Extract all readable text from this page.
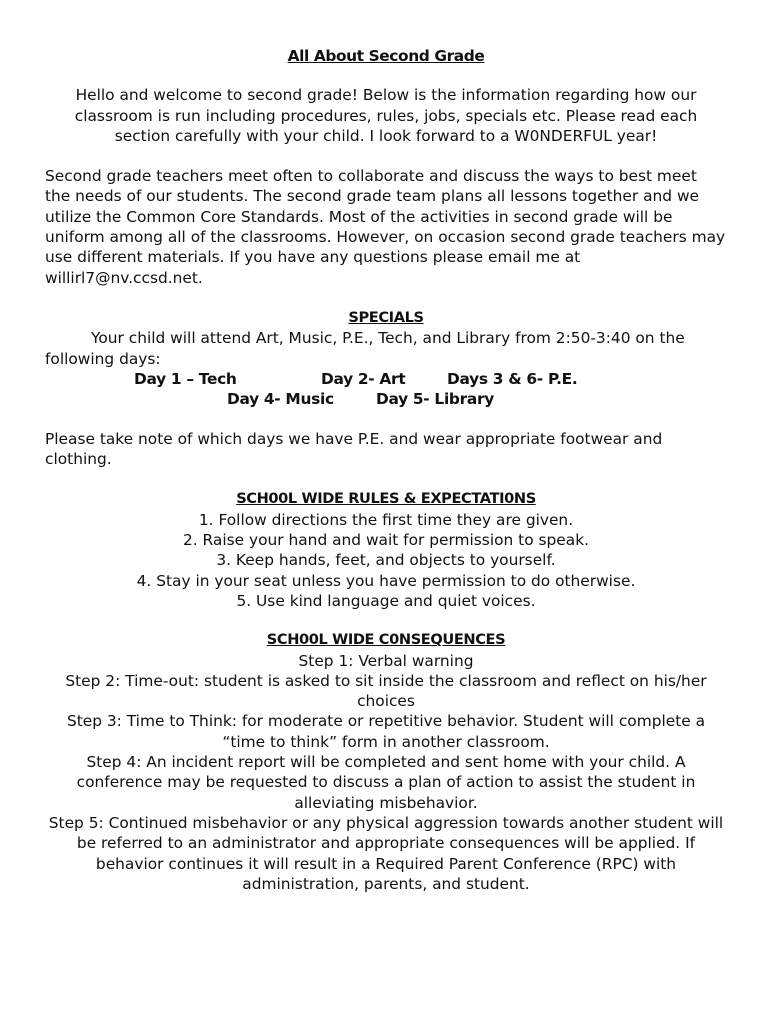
All About Second Grade

Hello and welcome to second grade! Below is the information regarding how our classroom is run including procedures, rules, jobs, specials etc. Please read each section carefully with your child. I look forward to a W0NDERFUL year!

Second grade teachers meet often to collaborate and discuss the ways to best meet the needs of our students. The second grade team plans all lessons together and we utilize the Common Core Standards. Most of the activities in second grade will be uniform among all of the classrooms. However, on occasion second grade teachers may use different materials. If you have any questions please email me at willirl7@nv.ccsd.net.

SPECIALS

Your child will attend Art, Music, P.E., Tech, and Library from 2:50-3:40 on the following days:

Day 1 – Tech	Day 2- Art	Days 3 & 6- P.E.
Day 4- Music	Day 5- Library

Please take note of which days we have P.E. and wear appropriate footwear and clothing.

SCH00L WIDE RULES & EXPECTATI0NS
1. Follow directions the first time they are given.
2. Raise your hand and wait for permission to speak.
3. Keep hands, feet, and objects to yourself.
4. Stay in your seat unless you have permission to do otherwise.
5. Use kind language and quiet voices.
SCH00L WIDE C0NSEQUENCES

Step 1: Verbal warning

Step 2: Time-out: student is asked to sit inside the classroom and reflect on his/her choices

Step 3: Time to Think: for moderate or repetitive behavior. Student will complete a “time to think” form in another classroom.

Step 4: An incident report will be completed and sent home with your child. A conference may be requested to discuss a plan of action to assist the student in alleviating misbehavior.

Step 5: Continued misbehavior or any physical aggression towards another student will be referred to an administrator and appropriate consequences will be applied. If behavior continues it will result in a Required Parent Conference (RPC) with administration, parents, and student.
